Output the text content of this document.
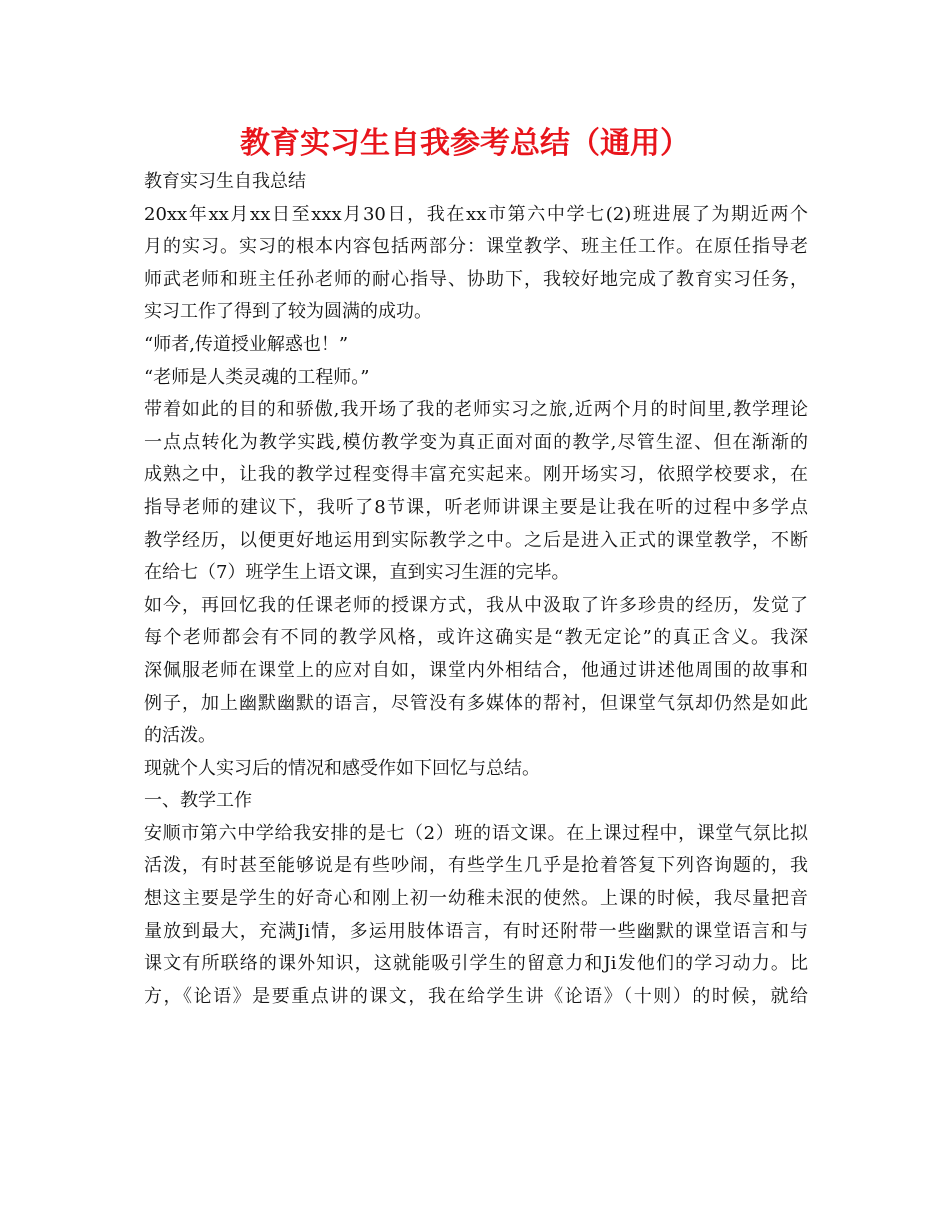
教育实习生自我参考总结（通用）
教育实习生自我总结
20xx年xx月xx日至xxx月30日，我在xx市第六中学七(2)班进展了为期近两个
月的实习。实习的根本内容包括两部分：课堂教学、班主任工作。在原任指导老
师武老师和班主任孙老师的耐心指导、协助下，我较好地完成了教育实习任务，
实习工作了得到了较为圆满的成功。
“师者,传道授业解惑也！”
“老师是人类灵魂的工程师。”
带着如此的目的和骄傲,我开场了我的老师实习之旅,近两个月的时间里,教学理论
一点点转化为教学实践,模仿教学变为真正面对面的教学,尽管生涩、但在渐渐的
成熟之中，让我的教学过程变得丰富充实起来。刚开场实习，依照学校要求，在
指导老师的建议下，我听了8节课，听老师讲课主要是让我在听的过程中多学点
教学经历，以便更好地运用到实际教学之中。之后是进入正式的课堂教学，不断
在给七（7）班学生上语文课，直到实习生涯的完毕。
如今，再回忆我的任课老师的授课方式，我从中汲取了许多珍贵的经历，发觉了
每个老师都会有不同的教学风格，或许这确实是“教无定论”的真正含义。我深
深佩服老师在课堂上的应对自如，课堂内外相结合，他通过讲述他周围的故事和
例子，加上幽默幽默的语言，尽管没有多媒体的帮衬，但课堂气氛却仍然是如此
的活泼。
现就个人实习后的情况和感受作如下回忆与总结。
一、教学工作
安顺市第六中学给我安排的是七（2）班的语文课。在上课过程中，课堂气氛比拟
活泼，有时甚至能够说是有些吵闹，有些学生几乎是抢着答复下列咨询题的，我
想这主要是学生的好奇心和刚上初一幼稚未泯的使然。上课的时候，我尽量把音
量放到最大，充满Ji情，多运用肢体语言，有时还附带一些幽默的课堂语言和与
课文有所联络的课外知识，这就能吸引学生的留意力和Ji发他们的学习动力。比
方，《论语》是要重点讲的课文，我在给学生讲《论语》（十则）的时候，就给
